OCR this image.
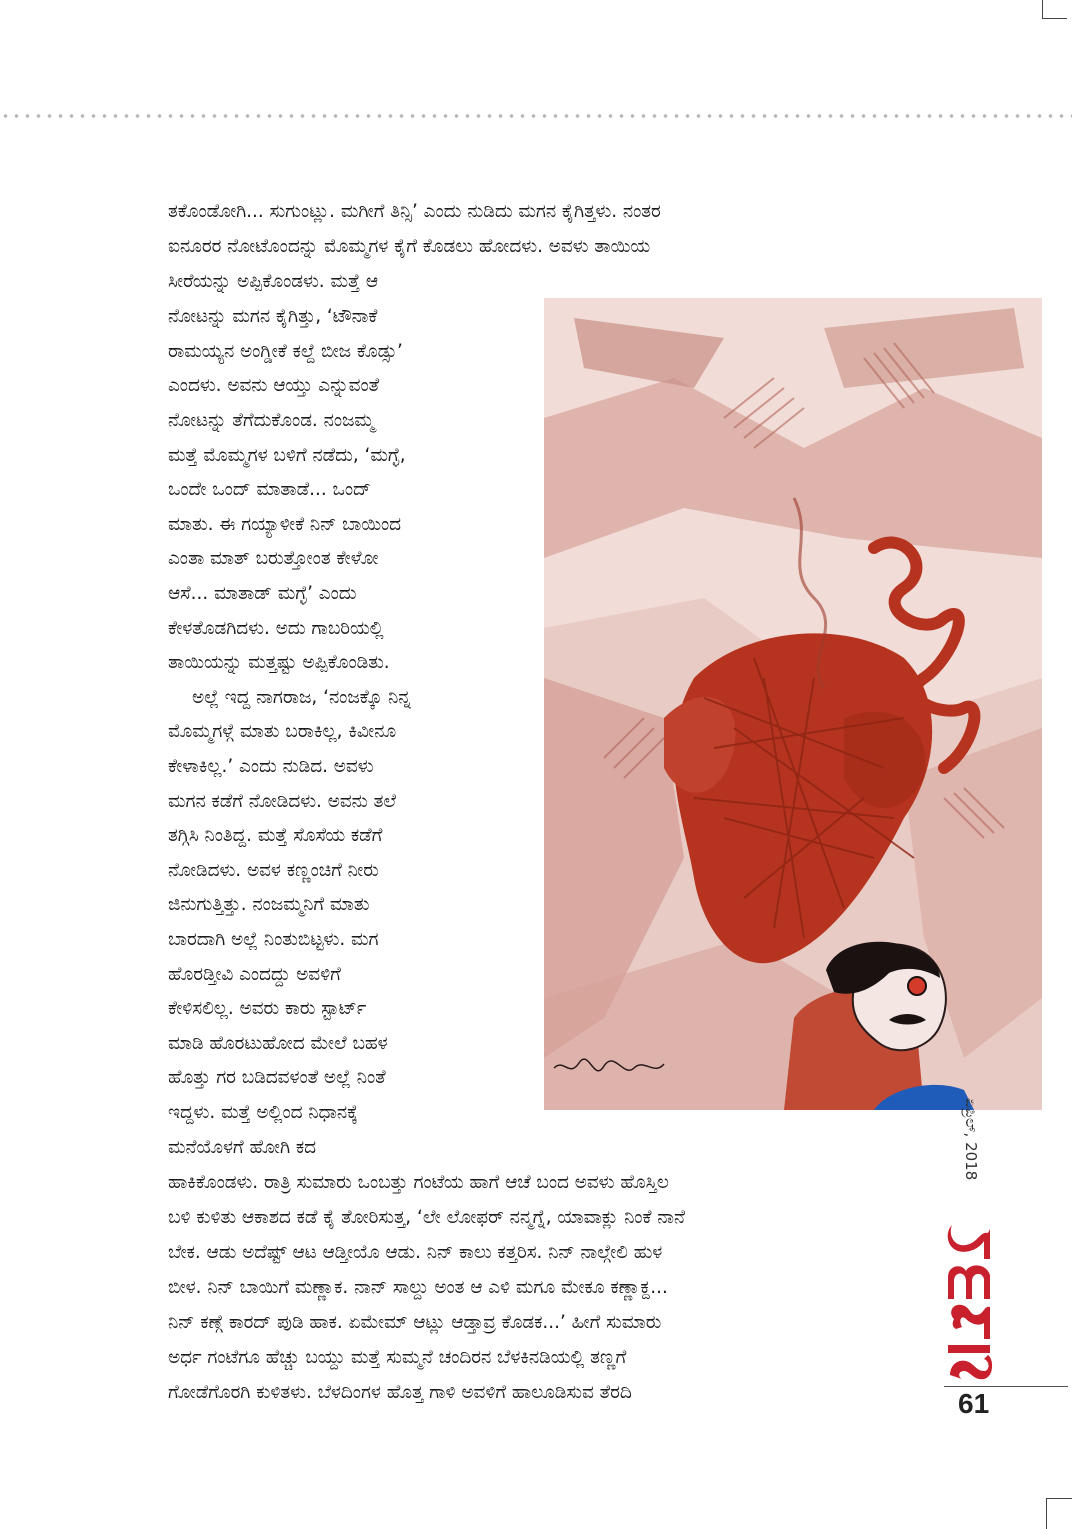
ತಕೊಂಡೋಗಿ... ಸುಗುಂಟ್ಲು. ಮಗೀಗೆ ತಿನ್ಸಿ’ ಎಂದು ನುಡಿದು ಮಗನ ಕೈಗಿತ್ತಳು. ನಂತರ
ಐನೂರರ ನೋಟೊಂದನ್ನು ಮೊಮ್ಮಗಳ ಕೈಗೆ ಕೊಡಲು ಹೋದಳು. ಅವಳು ತಾಯಿಯ
ಸೀರೆಯನ್ನು ಅಪ್ಪಿಕೊಂಡಳು. ಮತ್ತೆ ಆ
ನೋಟನ್ನು ಮಗನ ಕೈಗಿತ್ತು, ‘ಟೌನಾಕೆ
ರಾಮಯ್ಯನ ಅಂಗ್ಡೀಕೆ ಕಲ್ದೆ ಬೀಜ ಕೊಡ್ಸು’
ಎಂದಳು. ಅವನು ಆಯ್ತು ಎನ್ನುವಂತೆ
ನೋಟನ್ನು ತೆಗೆದುಕೊಂಡ. ನಂಜಮ್ಮ
ಮತ್ತೆ ಮೊಮ್ಮಗಳ ಬಳಿಗೆ ನಡೆದು, ‘ಮಗ್ಳೆ,
ಒಂದೇ ಒಂದ್ ಮಾತಾಡೆ... ಒಂದ್
ಮಾತು. ಈ ಗಯ್ಯಾಳೀಕೆ ನಿನ್ ಬಾಯಿಂದ
ಎಂತಾ ಮಾತ್ ಬರುತ್ತೋಂತ ಕೇಳೋ
ಆಸೆ... ಮಾತಾಡ್ ಮಗ್ಳೆ’ ಎಂದು
ಕೇಳತೊಡಗಿದಳು. ಅದು ಗಾಬರಿಯಲ್ಲಿ
ತಾಯಿಯನ್ನು ಮತ್ತಷ್ಟು ಅಪ್ಪಿಕೊಂಡಿತು.
ಅಲ್ಲೆ ಇದ್ದ ನಾಗರಾಜ, ‘ನಂಜಕ್ಕೊ ನಿನ್ನ
ಮೊಮ್ಮಗಳ್ಗೆ ಮಾತು ಬರಾಕಿಲ್ಲ, ಕಿವೀನೂ
ಕೇಳಾಕಿಲ್ಲ.’ ಎಂದು ನುಡಿದ. ಅವಳು
ಮಗನ ಕಡೆಗೆ ನೋಡಿದಳು. ಅವನು ತಲೆ
ತಗ್ಗಿಸಿ ನಿಂತಿದ್ದ. ಮತ್ತೆ ಸೊಸೆಯ ಕಡೆಗೆ
ನೋಡಿದಳು. ಅವಳ ಕಣ್ಣಂಚಿಗೆ ನೀರು
ಜಿನುಗುತ್ತಿತ್ತು. ನಂಜಮ್ಮನಿಗೆ ಮಾತು
ಬಾರದಾಗಿ ಅಲ್ಲೆ ನಿಂತುಬಿಟ್ಟಳು. ಮಗ
ಹೊರಡ್ತೀವಿ ಎಂದದ್ದು ಅವಳಿಗೆ
ಕೇಳಿಸಲಿಲ್ಲ. ಅವರು ಕಾರು ಸ್ಟಾರ್ಟ್
ಮಾಡಿ ಹೊರಟುಹೋದ ಮೇಲೆ ಬಹಳ
ಹೊತ್ತು ಗರ ಬಡಿದವಳಂತೆ ಅಲ್ಲೆ ನಿಂತೆ
ಇದ್ದಳು. ಮತ್ತೆ ಅಲ್ಲಿಂದ ನಿಧಾನಕ್ಕೆ
ಮನೆಯೊಳಗೆ ಹೋಗಿ ಕದ
ಹಾಕಿಕೊಂಡಳು. ರಾತ್ರಿ ಸುಮಾರು ಒಂಬತ್ತು ಗಂಟೆಯ ಹಾಗೆ ಆಚೆ ಬಂದ ಅವಳು ಹೊಸ್ತಿಲ
ಬಳಿ ಕುಳಿತು ಆಕಾಶದ ಕಡೆ ಕೈ ತೋರಿಸುತ್ತ, ‘ಲೇ ಲೋಫರ್ ನನ್ಮಗ್ನೆ, ಯಾವಾಕ್ಲು ನಿಂಕೆ ನಾನೆ
ಬೇಕ. ಆಡು ಅದೆಷ್ಟ್ ಆಟ ಆಡ್ತೀಯೊ ಆಡು. ನಿನ್ ಕಾಲು ಕತ್ತರಿಸ. ನಿನ್ ನಾಲ್ಗೇಲಿ ಹುಳ
ಬೀಳ. ನಿನ್ ಬಾಯಿಗೆ ಮಣ್ಣಾಕ. ನಾನ್ ಸಾಲ್ದು ಅಂತ ಆ ಎಳಿ ಮಗೂ ಮೇಕೂ ಕಣ್ಣಾಕ್ದ...
ನಿನ್ ಕಣ್ಗೆ ಕಾರದ್ ಪುಡಿ ಹಾಕ. ಏಮೇಮ್ ಆಟ್ಲು ಆಡ್ತಾವ್ರ ಕೊಡಕ...’ ಹೀಗೆ ಸುಮಾರು
ಅರ್ಧ ಗಂಟೆಗೂ ಹೆಚ್ಚು ಬಯ್ದು ಮತ್ತೆ ಸುಮ್ಮನೆ ಚಂದಿರನ ಬೆಳಕಿನಡಿಯಲ್ಲಿ ತಣ್ಣಗೆ
ಗೋಡೆಗೊರಗಿ ಕುಳಿತಳು. ಬೆಳದಿಂಗಳ ಹೊತ್ತ ಗಾಳಿ ಅವಳಿಗೆ ಹಾಲೂಡಿಸುವ ತೆರದಿ
ಏಪ್ರಿಲ್, 2018
61
